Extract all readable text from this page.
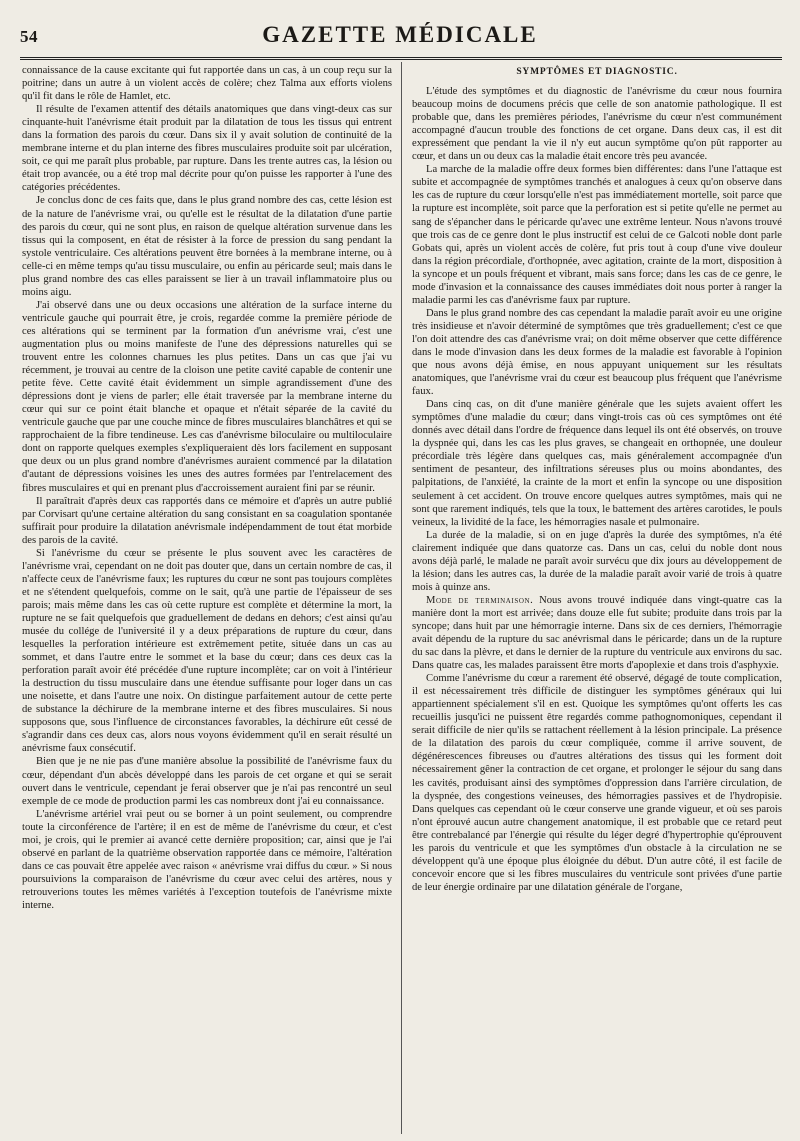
54	GAZETTE MÉDICALE

connaissance de la cause excitante qui fut rapportée dans un cas, à un coup reçu sur la poitrine; dans un autre à un violent accès de colère; chez Talma aux efforts violens qu'il fit dans le rôle de Hamlet, etc.

Il résulte de l'examen attentif des détails anatomiques que dans vingt-deux cas sur cinquante-huit l'anévrisme était produit par la dilatation de tous les tissus qui entrent dans la formation des parois du cœur. Dans six il y avait solution de continuité de la membrane interne et du plan interne des fibres musculaires produite soit par ulcération, soit, ce qui me paraît plus probable, par rupture. Dans les trente autres cas, la lésion ou était trop avancée, ou a été trop mal décrite pour qu'on puisse les rapporter à l'une des catégories précédentes.

Je conclus donc de ces faits que, dans le plus grand nombre des cas, cette lésion est de la nature de l'anévrisme vrai, ou qu'elle est le résultat de la dilatation d'une partie des parois du cœur, qui ne sont plus, en raison de quelque altération survenue dans les tissus qui la composent, en état de résister à la force de pression du sang pendant la systole ventriculaire. Ces altérations peuvent être bornées à la membrane interne, ou à celle-ci en même temps qu'au tissu musculaire, ou enfin au péricarde seul; mais dans le plus grand nombre des cas elles paraissent se lier à un travail inflammatoire plus ou moins aigu.

J'ai observé dans une ou deux occasions une altération de la surface interne du ventricule gauche qui pourrait être, je crois, regardée comme la première période de ces altérations qui se terminent par la formation d'un anévrisme vrai, c'est une augmentation plus ou moins manifeste de l'une des dépressions naturelles qui se trouvent entre les colonnes charnues les plus petites. Dans un cas que j'ai vu récemment, je trouvai au centre de la cloison une petite cavité capable de contenir une petite fève. Cette cavité était évidemment un simple agrandissement d'une des dépressions dont je viens de parler; elle était traversée par la membrane interne du cœur qui sur ce point était blanche et opaque et n'était séparée de la cavité du ventricule gauche que par une couche mince de fibres musculaires blanchâtres et qui se rapprochaient de la fibre tendineuse. Les cas d'anévrisme biloculaire ou multiloculaire dont on rapporte quelques exemples s'expliqueraient dès lors facilement en supposant que deux ou un plus grand nombre d'anévrismes auraient commencé par la dilatation d'autant de dépressions voisines les unes des autres formées par l'entrelacement des fibres musculaires et qui en prenant plus d'accroissement auraient fini par se réunir.

Il paraîtrait d'après deux cas rapportés dans ce mémoire et d'après un autre publié par Corvisart qu'une certaine altération du sang consistant en sa coagulation spontanée suffirait pour produire la dilatation anévrismale indépendamment de tout état morbide des parois de la cavité.

Si l'anévrisme du cœur se présente le plus souvent avec les caractères de l'anévrisme vrai, cependant on ne doit pas douter que, dans un certain nombre de cas, il n'affecte ceux de l'anévrisme faux; les ruptures du cœur ne sont pas toujours complètes et ne s'étendent quelquefois, comme on le sait, qu'à une partie de l'épaisseur de ses parois; mais même dans les cas où cette rupture est complète et détermine la mort, la rupture ne se fait quelquefois que graduellement de dedans en dehors; c'est ainsi qu'au musée du collége de l'université il y a deux préparations de rupture du cœur, dans lesquelles la perforation intérieure est extrêmement petite, située dans un cas au sommet, et dans l'autre entre le sommet et la base du cœur; dans ces deux cas la perforation paraît avoir été précédée d'une rupture incomplète; car on voit à l'intérieur la destruction du tissu musculaire dans une étendue suffisante pour loger dans un cas une noisette, et dans l'autre une noix. On distingue parfaitement autour de cette perte de substance la déchirure de la membrane interne et des fibres musculaires. Si nous supposons que, sous l'influence de circonstances favorables, la déchirure eût cessé de s'agrandir dans ces deux cas, alors nous voyons évidemment qu'il en serait résulté un anévrisme faux consécutif.

Bien que je ne nie pas d'une manière absolue la possibilité de l'anévrisme faux du cœur, dépendant d'un abcès développé dans les parois de cet organe et qui se serait ouvert dans le ventricule, cependant je ferai observer que je n'ai pas rencontré un seul exemple de ce mode de production parmi les cas nombreux dont j'ai eu connaissance.

L'anévrisme artériel vrai peut ou se borner à un point seulement, ou comprendre toute la circonférence de l'artère; il en est de même de l'anévrisme du cœur, et c'est moi, je crois, qui le premier ai avancé cette dernière proposition; car, ainsi que je l'ai observé en parlant de la quatrième observation rapportée dans ce mémoire, l'altération dans ce cas pouvait être appelée avec raison « anévrisme vrai diffus du cœur. » Si nous poursuivions la comparaison de l'anévrisme du cœur avec celui des artères, nous y retrouverions toutes les mêmes variétés à l'exception toutefois de l'anévrisme mixte interne.

SYMPTÔMES ET DIAGNOSTIC.

L'étude des symptômes et du diagnostic de l'anévrisme du cœur nous fournira beaucoup moins de documens précis que celle de son anatomie pathologique. Il est probable que, dans les premières périodes, l'anévrisme du cœur n'est communément accompagné d'aucun trouble des fonctions de cet organe. Dans deux cas, il est dit expressément que pendant la vie il n'y eut aucun symptôme qu'on pût rapporter au cœur, et dans un ou deux cas la maladie était encore très peu avancée.

La marche de la maladie offre deux formes bien différentes: dans l'une l'attaque est subite et accompagnée de symptômes tranchés et analogues à ceux qu'on observe dans les cas de rupture du cœur lorsqu'elle n'est pas immédiatement mortelle, soit parce que la rupture est incomplète, soit parce que la perforation est si petite qu'elle ne permet au sang de s'épancher dans le péricarde qu'avec une extrême lenteur. Nous n'avons trouvé que trois cas de ce genre dont le plus instructif est celui de ce Galcoti noble dont parle Gobats qui, après un violent accès de colère, fut pris tout à coup d'une vive douleur dans la région précordiale, d'orthopnée, avec agitation, crainte de la mort, disposition à la syncope et un pouls fréquent et vibrant, mais sans force; dans les cas de ce genre, le mode d'invasion et la connaissance des causes immédiates doit nous porter à ranger la maladie parmi les cas d'anévrisme faux par rupture.

Dans le plus grand nombre des cas cependant la maladie paraît avoir eu une origine très insidieuse et n'avoir déterminé de symptômes que très graduellement; c'est ce que l'on doit attendre des cas d'anévrisme vrai; on doit même observer que cette différence dans le mode d'invasion dans les deux formes de la maladie est favorable à l'opinion que nous avons déjà émise, en nous appuyant uniquement sur les résultats anatomiques, que l'anévrisme vrai du cœur est beaucoup plus fréquent que l'anévrisme faux.

Dans cinq cas, on dit d'une manière générale que les sujets avaient offert les symptômes d'une maladie du cœur; dans vingt-trois cas où ces symptômes ont été donnés avec détail dans l'ordre de fréquence dans lequel ils ont été observés, on trouve la dyspnée qui, dans les cas les plus graves, se changeait en orthopnée, une douleur précordiale très légère dans quelques cas, mais généralement accompagnée d'un sentiment de pesanteur, des infiltrations séreuses plus ou moins abondantes, des palpitations, de l'anxiété, la crainte de la mort et enfin la syncope ou une disposition seulement à cet accident. On trouve encore quelques autres symptômes, mais qui ne sont que rarement indiqués, tels que la toux, le battement des artères carotides, le pouls veineux, la lividité de la face, les hémorragies nasale et pulmonaire.

La durée de la maladie, si on en juge d'après la durée des symptômes, n'a été clairement indiquée que dans quatorze cas. Dans un cas, celui du noble dont nous avons déjà parlé, le malade ne paraît avoir survécu que dix jours au développement de la lésion; dans les autres cas, la durée de la maladie paraît avoir varié de trois à quatre mois à quinze ans.

Mode de terminaison. Nous avons trouvé indiquée dans vingt-quatre cas la manière dont la mort est arrivée; dans douze elle fut subite; produite dans trois par la syncope; dans huit par une hémorragie interne. Dans six de ces derniers, l'hémorragie avait dépendu de la rupture du sac anévrismal dans le péricarde; dans un de la rupture du sac dans la plèvre, et dans le dernier de la rupture du ventricule aux environs du sac. Dans quatre cas, les malades paraissent être morts d'apoplexie et dans trois d'asphyxie.

Comme l'anévrisme du cœur a rarement été observé, dégagé de toute complication, il est nécessairement très difficile de distinguer les symptômes généraux qui lui appartiennent spécialement s'il en est. Quoique les symptômes qu'ont offerts les cas recueillis jusqu'ici ne puissent être regardés comme pathognomoniques, cependant il serait difficile de nier qu'ils se rattachent réellement à la lésion principale. La présence de la dilatation des parois du cœur compliquée, comme il arrive souvent, de dégénérescences fibreuses ou d'autres altérations des tissus qui les forment doit nécessairement gêner la contraction de cet organe, et prolonger le séjour du sang dans les cavités, produisant ainsi des symptômes d'oppression dans l'arrière circulation, de la dyspnée, des congestions veineuses, des hémorragies passives et de l'hydropisie. Dans quelques cas cependant où le cœur conserve une grande vigueur, et où ses parois n'ont éprouvé aucun autre changement anatomique, il est probable que ce retard peut être contrebalancé par l'énergie qui résulte du léger degré d'hypertrophie qu'éprouvent les parois du ventricule et que les symptômes d'un obstacle à la circulation ne se développent qu'à une époque plus éloignée du début. D'un autre côté, il est facile de concevoir encore que si les fibres musculaires du ventricule sont privées d'une partie de leur énergie ordinaire par une dilatation générale de l'organe,
